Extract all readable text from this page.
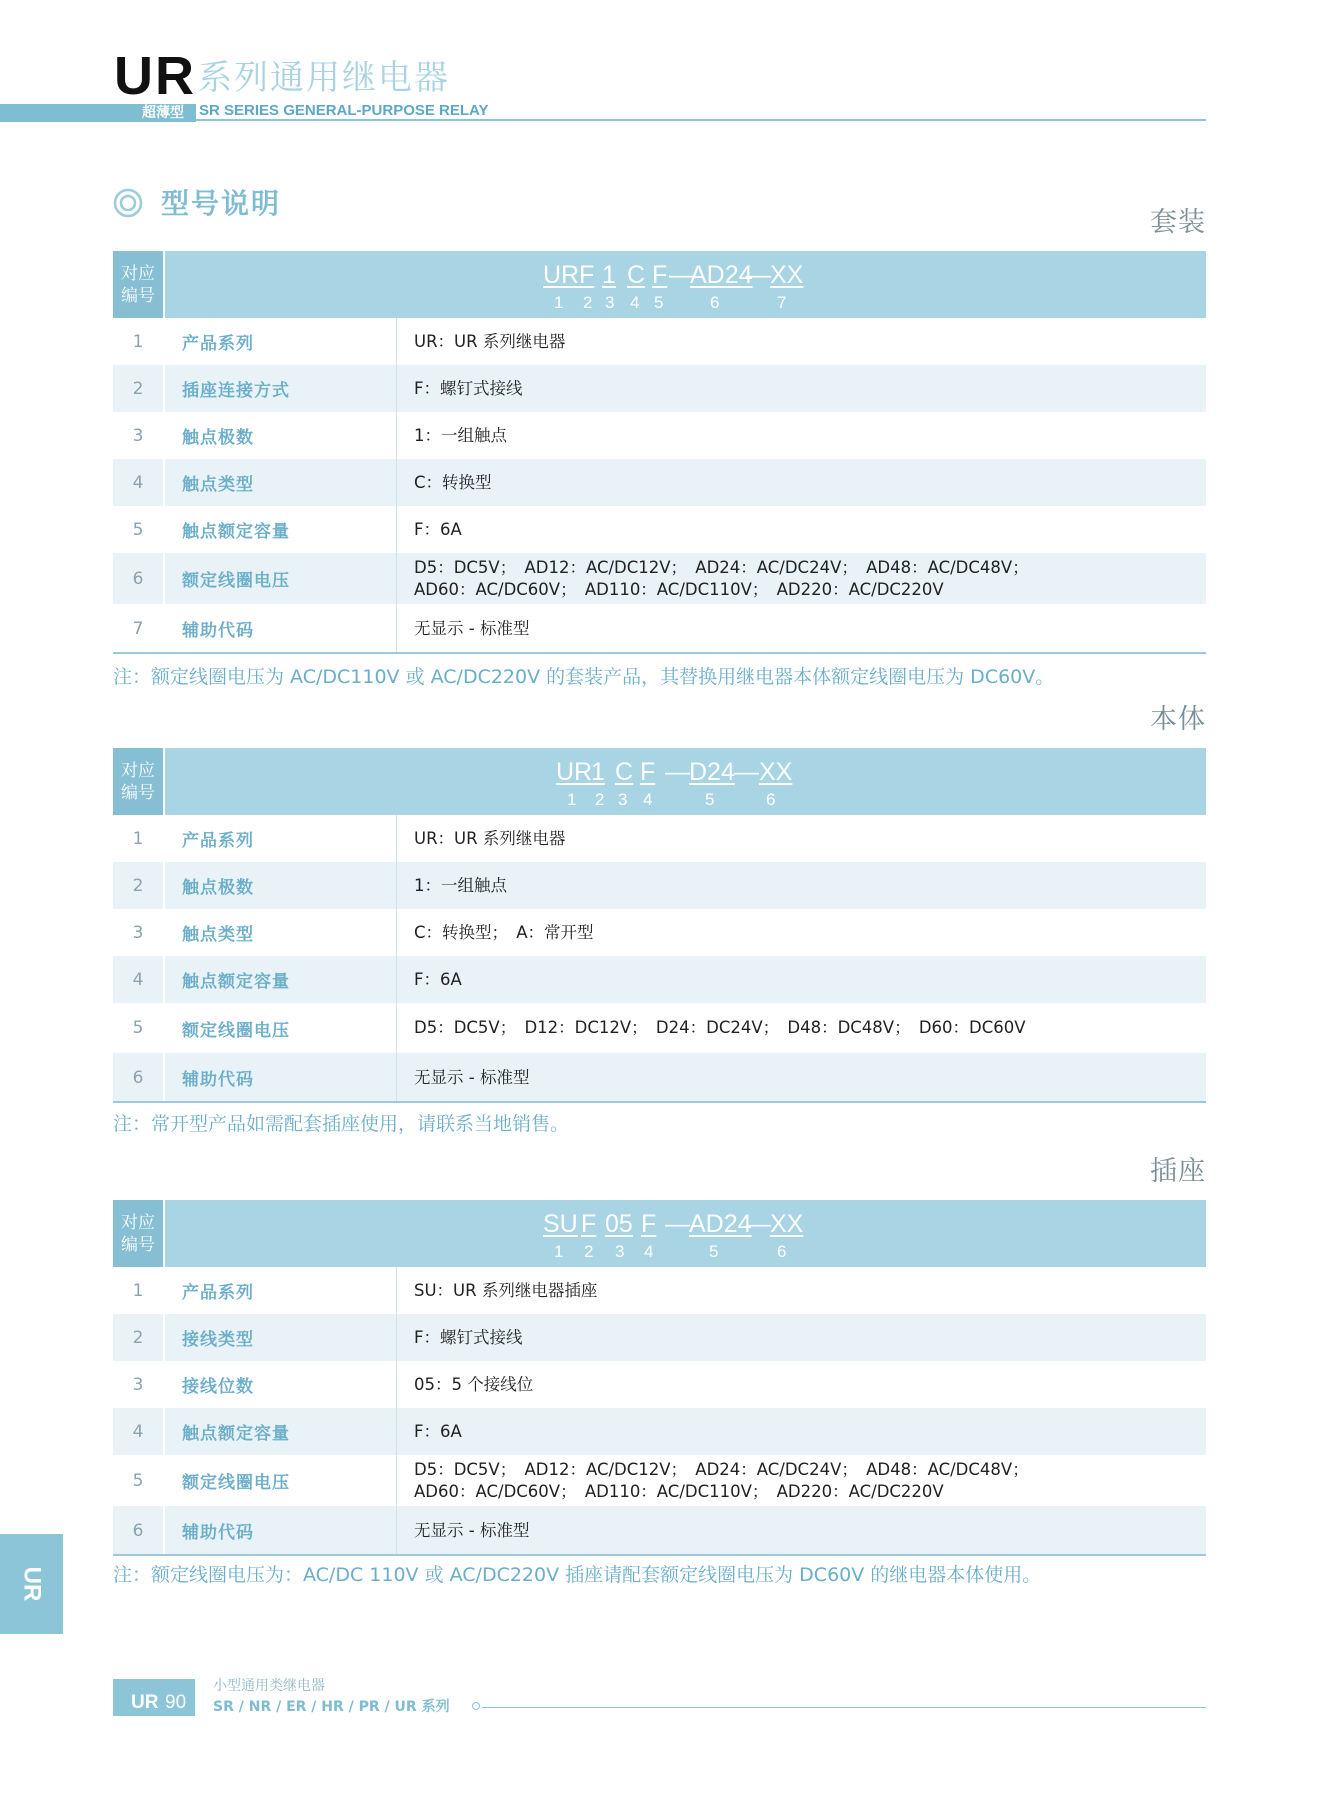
UR 系列通用继电器
超薄型 SR SERIES GENERAL-PURPOSE RELAY
型号说明
套装
对应
编号
UR F 1 C F —
AD24
— XX
1 2 3 4 5	6	7
1	产品系列	UR：UR 系列继电器
2	插座连接方式	F：螺钉式接线
3	触点极数	1：一组触点
4	触点类型	C：转换型
5	触点额定容量	F：6A
6	额定线圈电压
D5：DC5V；　AD12：AC/DC12V；　AD24：AC/DC24V；　AD48：AC/DC48V；
AD60：AC/DC60V；　AD110：AC/DC110V；　AD220：AC/DC220V
7	辅助代码	无显示 - 标准型
注：额定线圈电压为 AC/DC110V 或 AC/DC220V 的套装产品，其替换用继电器本体额定线圈电压为 DC60V。
本体
对应
编号
UR
1 C F — D24 — XX
1 2 3 4	5	6
1	产品系列	UR：UR 系列继电器
2	触点极数	1：一组触点
3	触点类型	C：转换型；　A：常开型
4	触点额定容量	F：6A
5	额定线圈电压	D5：DC5V；　D12：DC12V；　D24：DC24V；　D48：DC48V；　D60：DC60V
6	辅助代码	无显示 - 标准型
注：常开型产品如需配套插座使用，请联系当地销售。
插座
对应
编号
SU F 05 F — AD24
— XX
1 2 3 4	5	6
1	产品系列	SU：UR 系列继电器插座
2	接线类型	F：螺钉式接线
3	接线位数	05：5 个接线位
4	触点额定容量	F：6A
5	额定线圈电压
D5：DC5V；　AD12：AC/DC12V；　AD24：AC/DC24V；　AD48：AC/DC48V；
AD60：AC/DC60V；　AD110：AC/DC110V；　AD220：AC/DC220V
6	辅助代码	无显示 - 标准型
注：额定线圈电压为：AC/DC 110V 或 AC/DC220V 插座请配套额定线圈电压为 DC60V 的继电器本体使用。
UR
UR 90
小型通用类继电器
SR / NR / ER / HR / PR / UR 系列
